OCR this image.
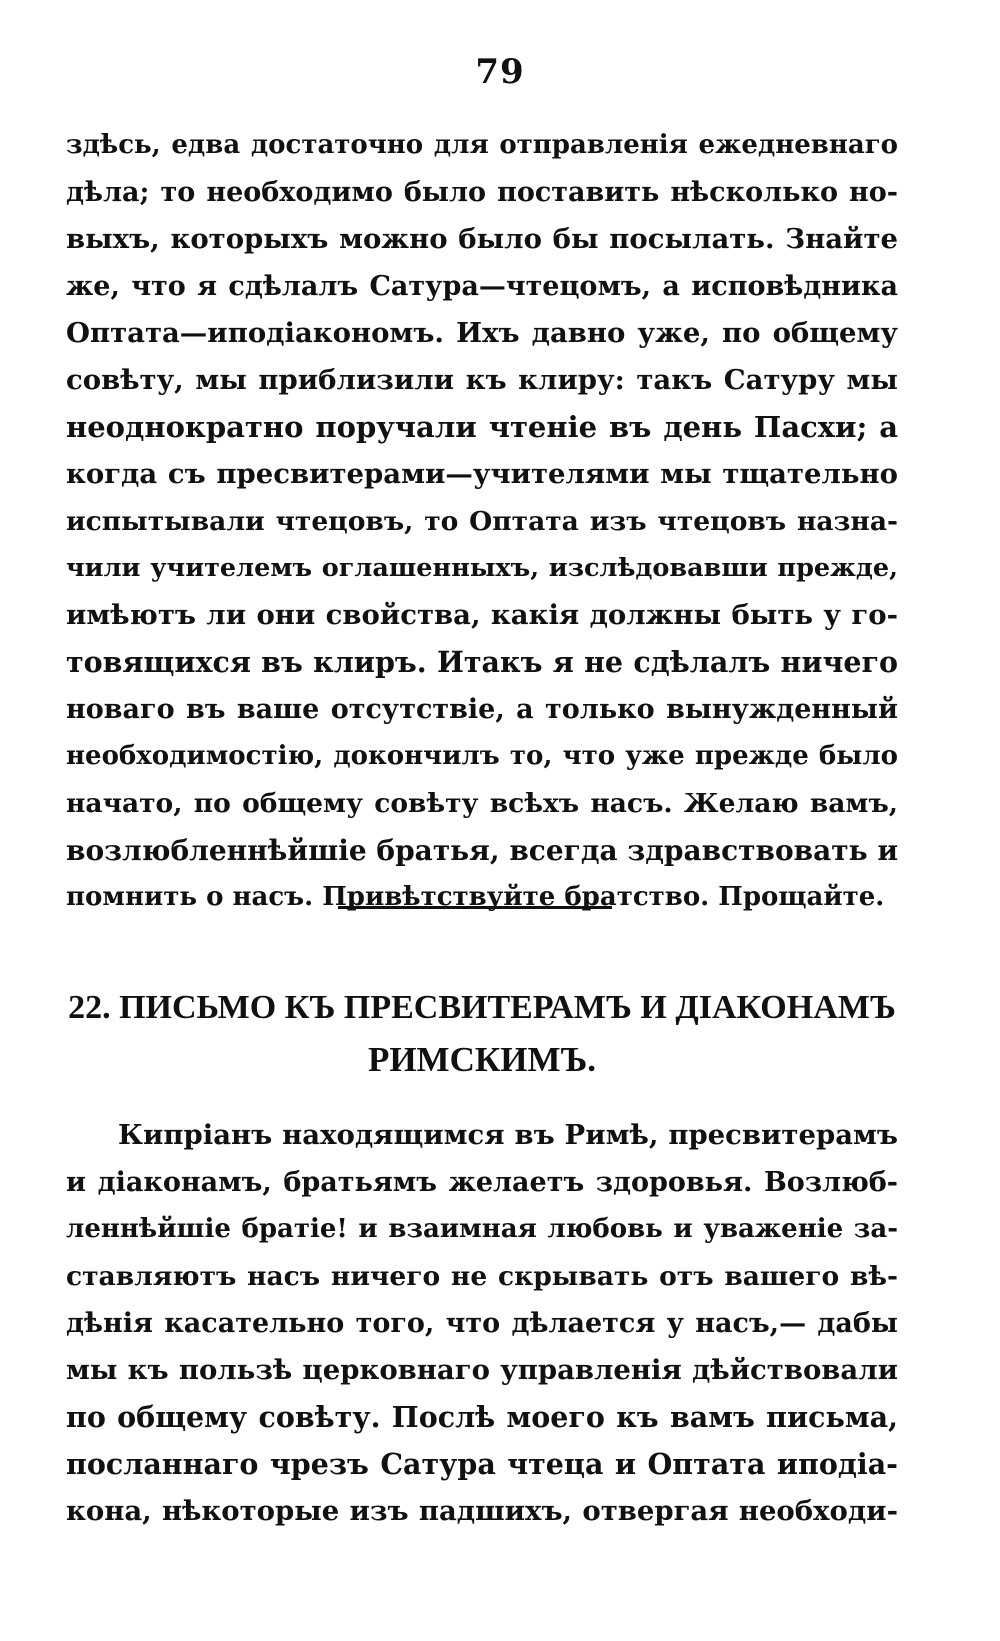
79
здѣсь, едва достаточно для отправленія ежедневнаго
дѣла; то необходимо было поставить нѣсколько но-
выхъ, которыхъ можно было бы посылать. Знайте
же, что я сдѣлалъ Сатура—чтецомъ, а исповѣдника
Оптата—иподіакономъ. Ихъ давно уже, по общему
совѣту, мы приблизили къ клиру: такъ Сатуру мы
неоднократно поручали чтеніе въ день Пасхи; а
когда съ пресвитерами—учителями мы тщательно
испытывали чтецовъ, то Оптата изъ чтецовъ назна-
чили учителемъ оглашенныхъ, изслѣдовавши прежде,
имѣютъ ли они свойства, какія должны быть у го-
товящихся въ клиръ. Итакъ я не сдѣлалъ ничего
новаго въ ваше отсутствіе, а только вынужденный
необходимостію, докончилъ то, что уже прежде было
начато, по общему совѣту всѣхъ насъ. Желаю вамъ,
возлюбленнѣйшіе братья, всегда здравствовать и
помнить о насъ. Привѣтствуйте братство. Прощайте.
22. ПИСЬМО КЪ ПРЕСВИТЕРАМЪ И ДІАКОНАМЪ
РИМСКИМЪ.
Кипріанъ находящимся въ Римѣ, пресвитерамъ
и діаконамъ, братьямъ желаетъ здоровья. Возлюб-
леннѣйшіе братіе! и взаимная любовь и уваженіе за-
ставляютъ насъ ничего не скрывать отъ вашего вѣ-
дѣнія касательно того, что дѣлается у насъ,— дабы
мы къ пользѣ церковнаго управленія дѣйствовали
по общему совѣту. Послѣ моего къ вамъ письма,
посланнаго чрезъ Сатура чтеца и Оптата иподіа-
кона, нѣкоторые изъ падшихъ, отвергая необходи-
